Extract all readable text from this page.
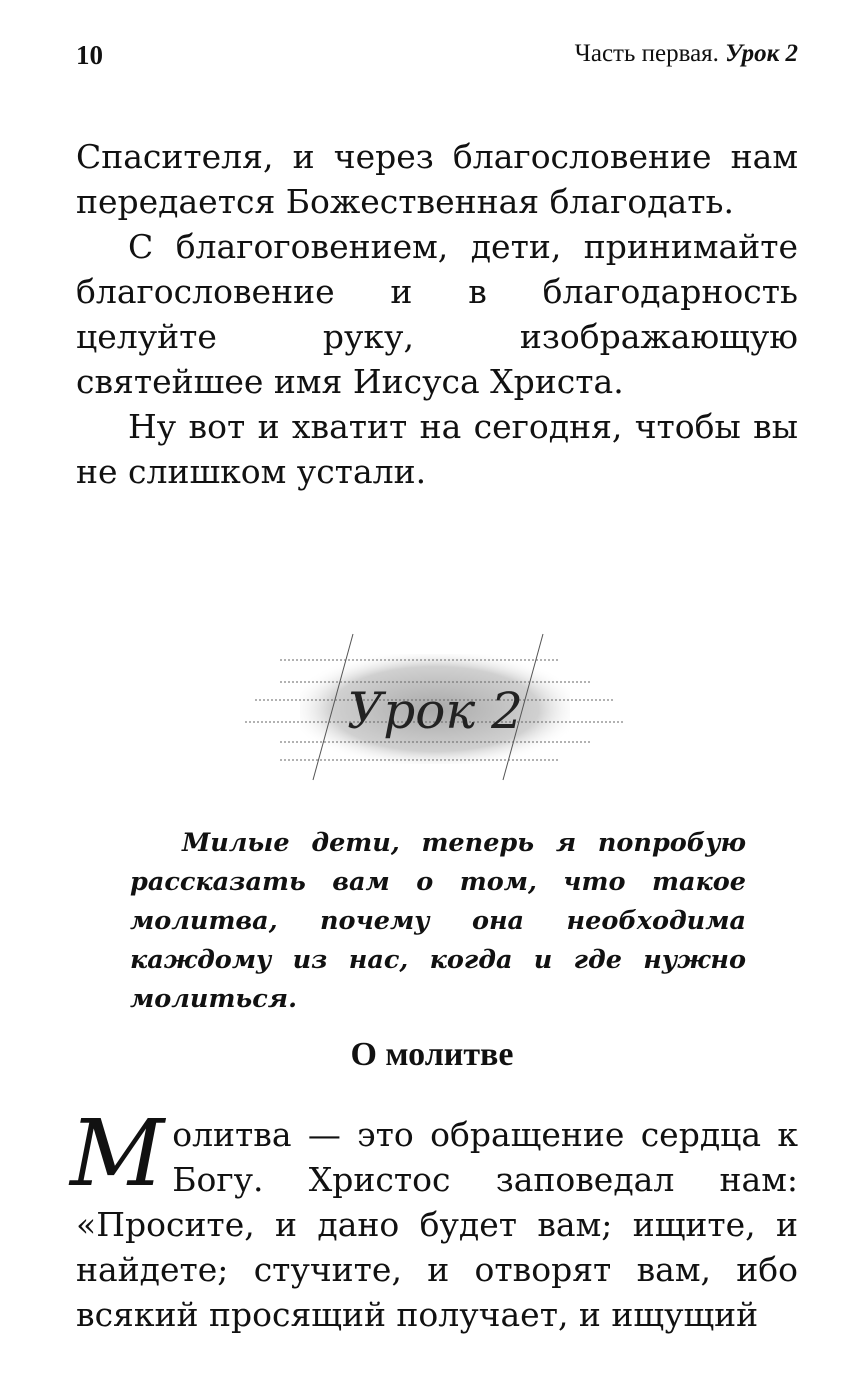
10	Часть первая. Урок 2

Спасителя, и через благословение нам передается Божественная благодать.

С благоговением, дети, принимайте благословение и в благодарность целуйте руку, изображающую святейшее имя Иисуса Христа.

Ну вот и хватит на сегодня, чтобы вы не слишком устали.

Урок 2

Милые дети, теперь я попробую рассказать вам о том, что такое молитва, почему она необходима каждому из нас, когда и где нужно молиться.

О молитве
М олитва — это обращение сердца к Богу. Христос заповедал нам: «Просите, и дано будет вам; ищите, и найдете; стучите, и отворят вам, ибо всякий просящий получает, и ищущий
